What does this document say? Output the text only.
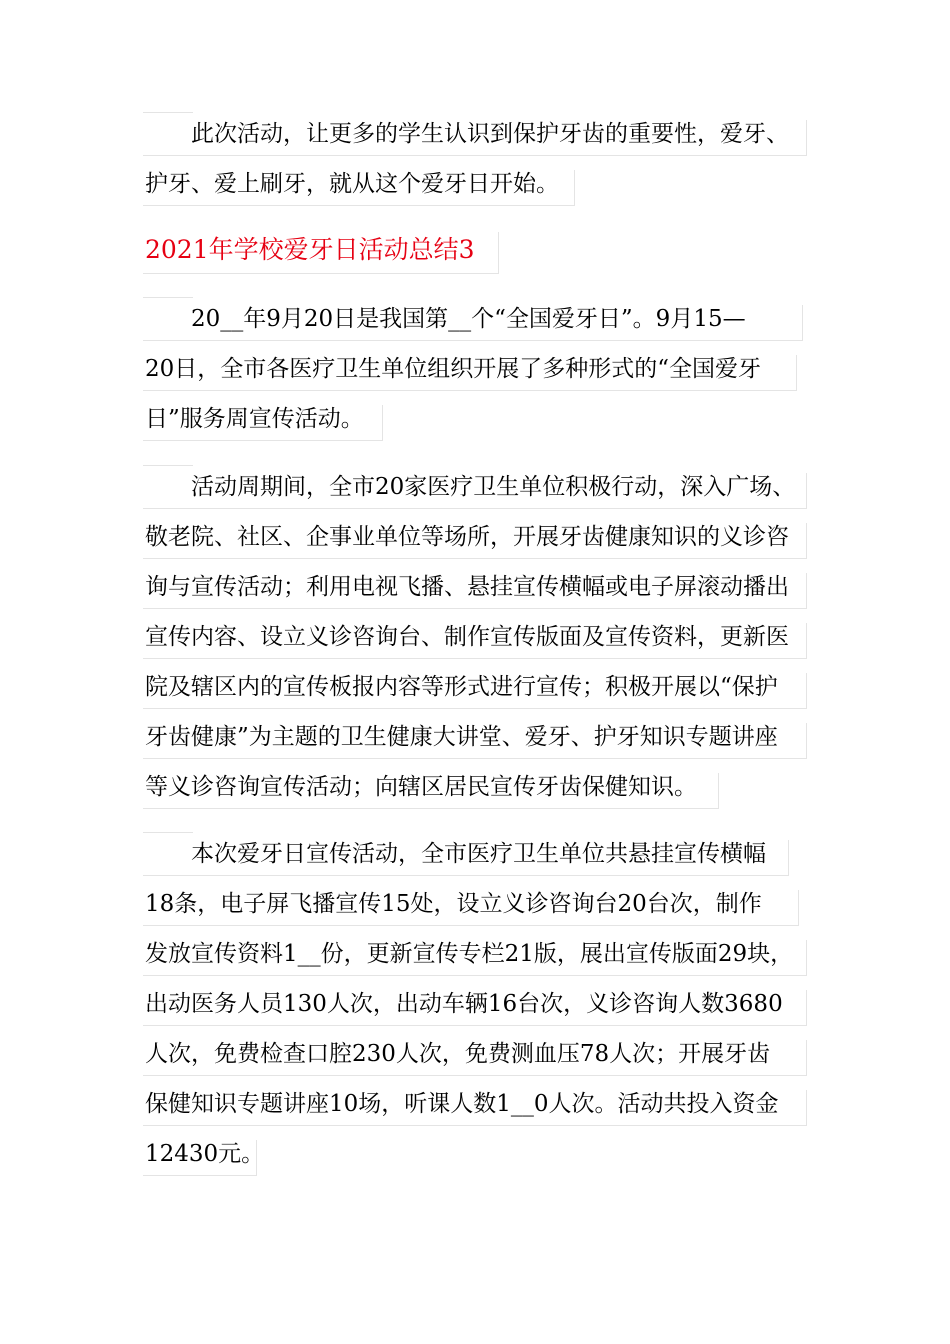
　　此次活动，让更多的学生认识到保护牙齿的重要性，爱牙、
护牙、爱上刷牙，就从这个爱牙日开始。
2021年学校爱牙日活动总结3
　　20__年9月20日是我国第__个“全国爱牙日”。9月15—
20日，全市各医疗卫生单位组织开展了多种形式的“全国爱牙
日”服务周宣传活动。
　　活动周期间，全市20家医疗卫生单位积极行动，深入广场、
敬老院、社区、企事业单位等场所，开展牙齿健康知识的义诊咨
询与宣传活动；利用电视飞播、悬挂宣传横幅或电子屏滚动播出
宣传内容、设立义诊咨询台、制作宣传版面及宣传资料，更新医
院及辖区内的宣传板报内容等形式进行宣传；积极开展以“保护
牙齿健康”为主题的卫生健康大讲堂、爱牙、护牙知识专题讲座
等义诊咨询宣传活动；向辖区居民宣传牙齿保健知识。
　　本次爱牙日宣传活动，全市医疗卫生单位共悬挂宣传横幅
18条，电子屏飞播宣传15处，设立义诊咨询台20台次，制作
发放宣传资料1__份，更新宣传专栏21版，展出宣传版面29块，
出动医务人员130人次，出动车辆16台次，义诊咨询人数3680
人次，免费检查口腔230人次，免费测血压78人次；开展牙齿
保健知识专题讲座10场，听课人数1__0人次。活动共投入资金
12430元。
